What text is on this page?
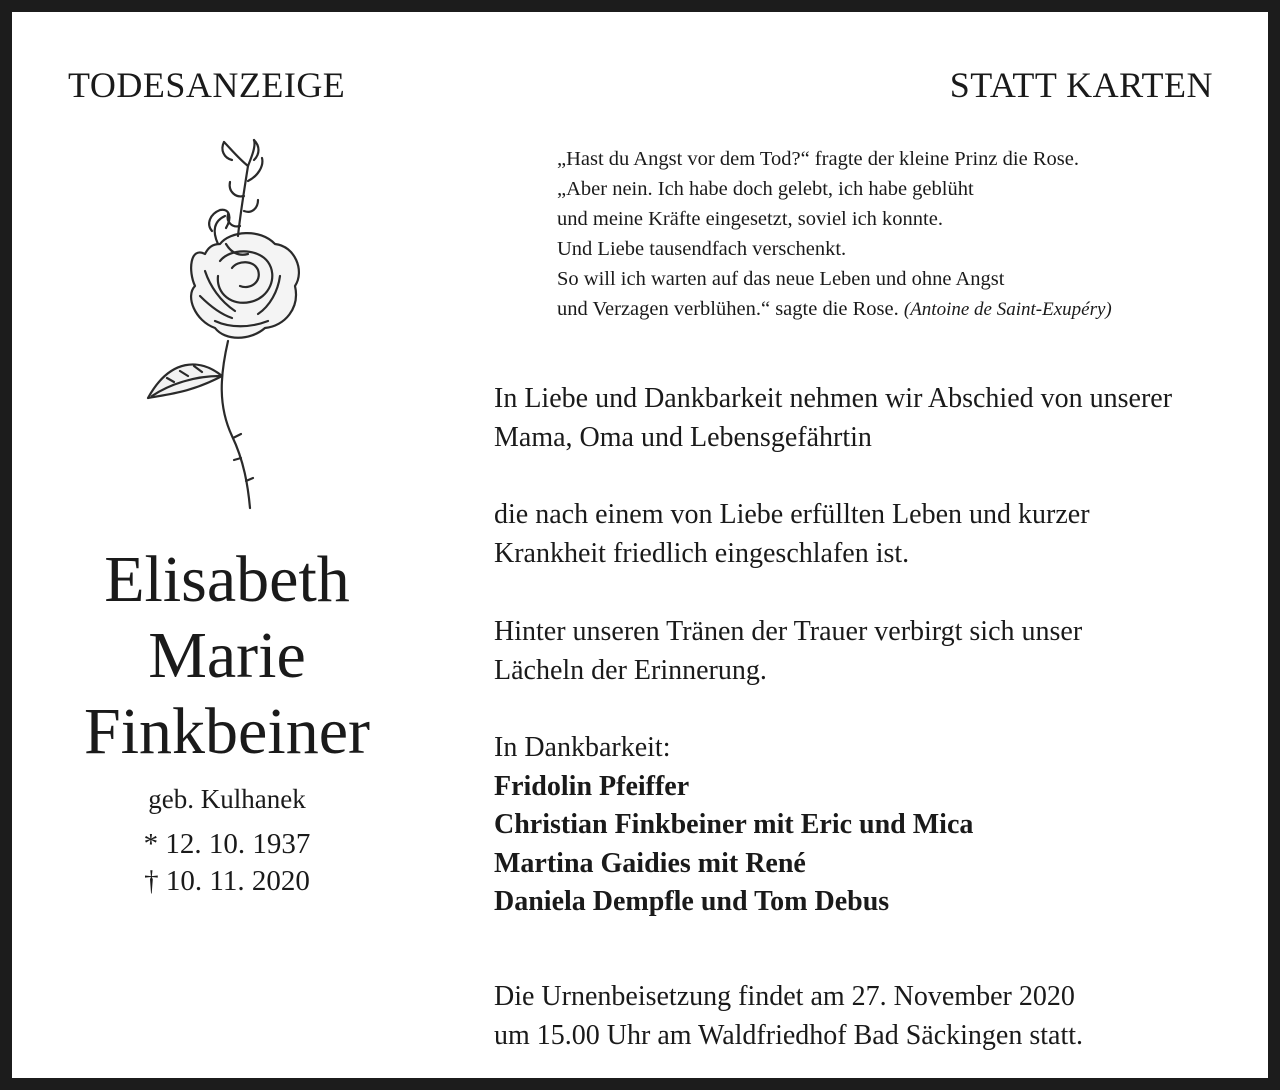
TODESANZEIGE	STATT KARTEN
„Hast du Angst vor dem Tod?“ fragte der kleine Prinz die Rose.
„Aber nein. Ich habe doch gelebt, ich habe geblüht
und meine Kräfte eingesetzt, soviel ich konnte.
Und Liebe tausendfach verschenkt.
So will ich warten auf das neue Leben und ohne Angst
und Verzagen verblühen.“ sagte die Rose. (Antoine de Saint-Exupéry)
Elisabeth
Marie
Finkbeiner
geb. Kulhanek
* 12. 10. 1937
† 10. 11. 2020
In Liebe und Dankbarkeit nehmen wir Abschied von unserer
Mama, Oma und Lebensgefährtin
die nach einem von Liebe erfüllten Leben und kurzer
Krankheit friedlich eingeschlafen ist.
Hinter unseren Tränen der Trauer verbirgt sich unser
Lächeln der Erinnerung.
In Dankbarkeit:
Fridolin Pfeiffer
Christian Finkbeiner mit Eric und Mica
Martina Gaidies mit René
Daniela Dempfle und Tom Debus
Die Urnenbeisetzung findet am 27. November 2020
um 15.00 Uhr am Waldfriedhof Bad Säckingen statt.
